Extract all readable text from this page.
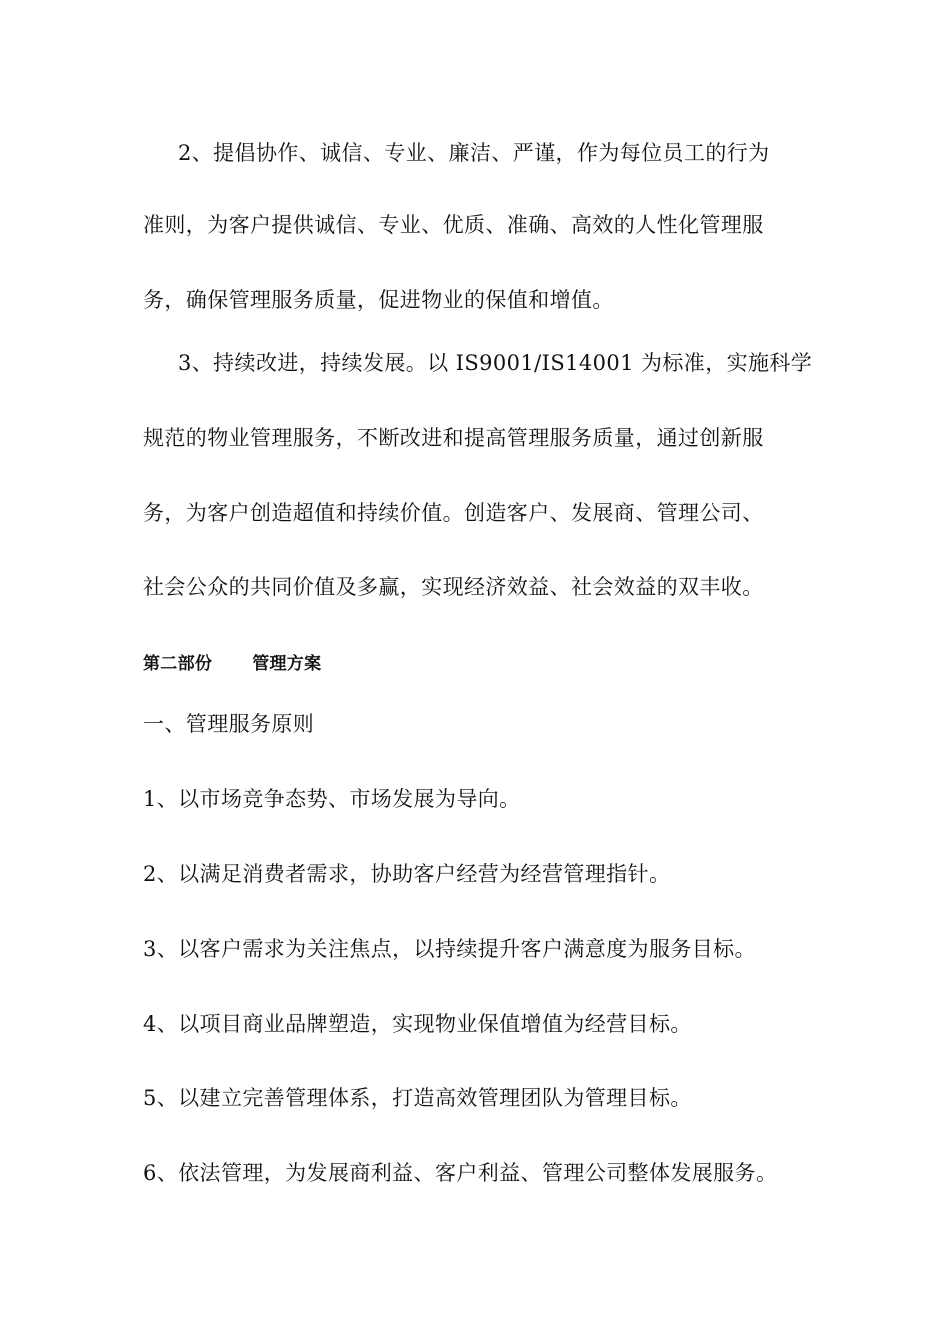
2、提倡协作、诚信、专业、廉洁、严谨，作为每位员工的行为
准则，为客户提供诚信、专业、优质、准确、高效的人性化管理服
务，确保管理服务质量，促进物业的保值和增值。
3、持续改进，持续发展。以 IS9001/IS14001 为标准，实施科学
规范的物业管理服务，不断改进和提高管理服务质量，通过创新服
务，为客户创造超值和持续价值。创造客户、发展商、管理公司、
社会公众的共同价值及多赢，实现经济效益、社会效益的双丰收。
第二部份 管理方案
一、管理服务原则
1、以市场竞争态势、市场发展为导向。
2、以满足消费者需求，协助客户经营为经营管理指针。
3、以客户需求为关注焦点，以持续提升客户满意度为服务目标。
4、以项目商业品牌塑造，实现物业保值增值为经营目标。
5、以建立完善管理体系，打造高效管理团队为管理目标。
6、依法管理，为发展商利益、客户利益、管理公司整体发展服务。
